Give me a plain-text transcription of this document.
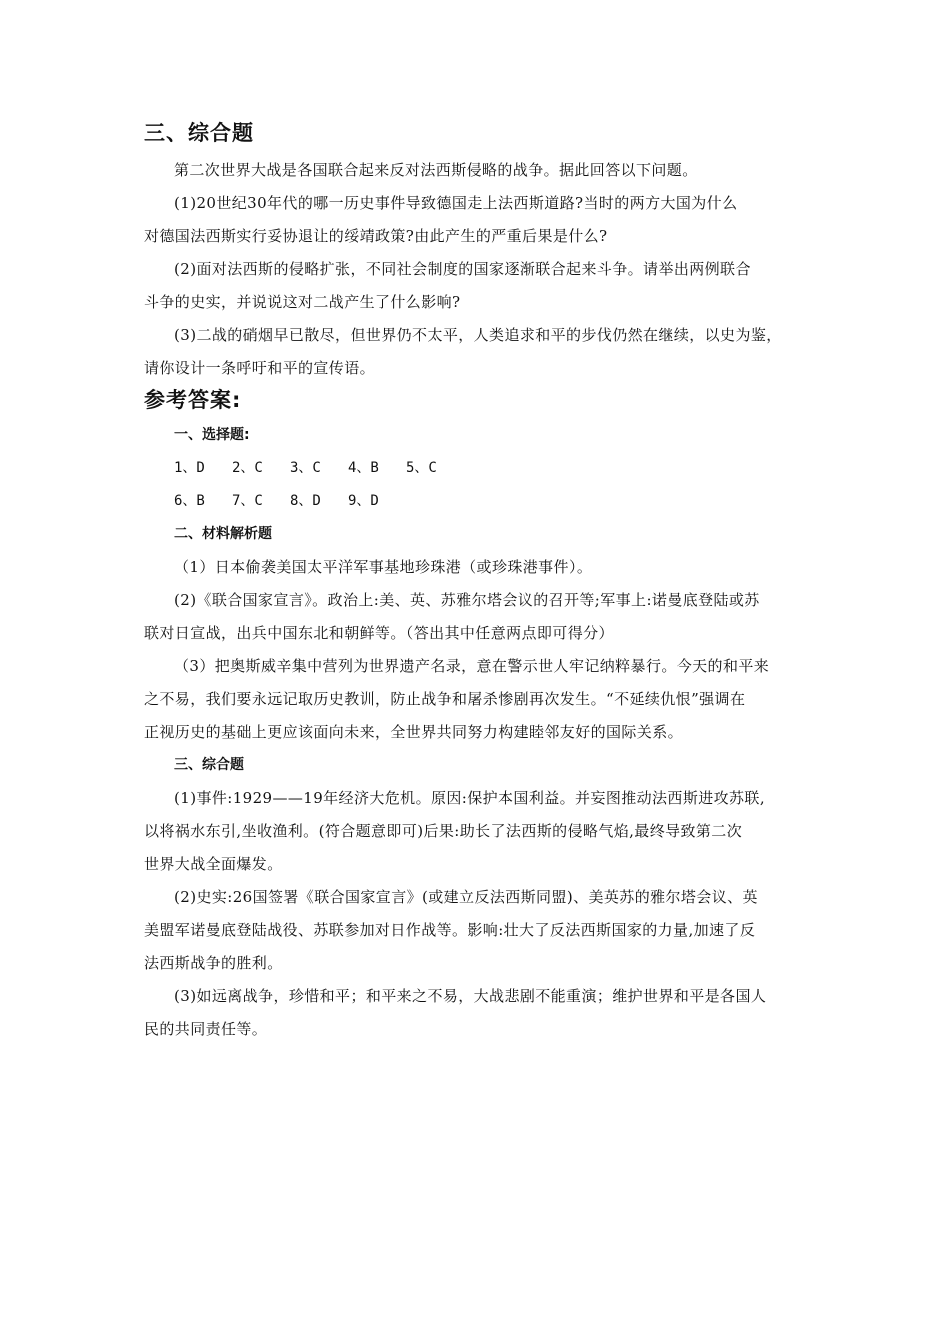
三、综合题

第二次世界大战是各国联合起来反对法西斯侵略的战争。据此回答以下问题。

(1)20世纪30年代的哪一历史事件导致德国走上法西斯道路?当时的两方大国为什么

对德国法西斯实行妥协退让的绥靖政策?由此产生的严重后果是什么?

(2)面对法西斯的侵略扩张，不同社会制度的国家逐渐联合起来斗争。请举出两例联合

斗争的史实，并说说这对二战产生了什么影响?

(3)二战的硝烟早已散尽，但世界仍不太平，人类追求和平的步伐仍然在继续，以史为鉴，

请你设计一条呼吁和平的宣传语。

参考答案:
一、选择题:
1、D 2、C 3、C 4、B 5、C
6、B 7、C 8、D 9、D
二、材料解析题

（1）日本偷袭美国太平洋军事基地珍珠港（或珍珠港事件）。

(2)《联合国家宣言》。政治上:美、英、苏雅尔塔会议的召开等;军事上:诺曼底登陆或苏

联对日宣战，出兵中国东北和朝鲜等。（答出其中任意两点即可得分）

（3）把奥斯威辛集中营列为世界遗产名录，意在警示世人牢记纳粹暴行。今天的和平来

之不易，我们要永远记取历史教训，防止战争和屠杀惨剧再次发生。“不延续仇恨”强调在

正视历史的基础上更应该面向未来，全世界共同努力构建睦邻友好的国际关系。

三、综合题

(1)事件:1929——19年经济大危机。原因:保护本国利益。并妄图推动法西斯进攻苏联,

以将祸水东引,坐收渔利。(符合题意即可)后果:助长了法西斯的侵略气焰,最终导致第二次

世界大战全面爆发。

(2)史实:26国签署《联合国家宣言》(或建立反法西斯同盟)、美英苏的雅尔塔会议、英

美盟军诺曼底登陆战役、苏联参加对日作战等。影响:壮大了反法西斯国家的力量,加速了反

法西斯战争的胜利。

(3)如远离战争，珍惜和平；和平来之不易，大战悲剧不能重演；维护世界和平是各国人

民的共同责任等。
